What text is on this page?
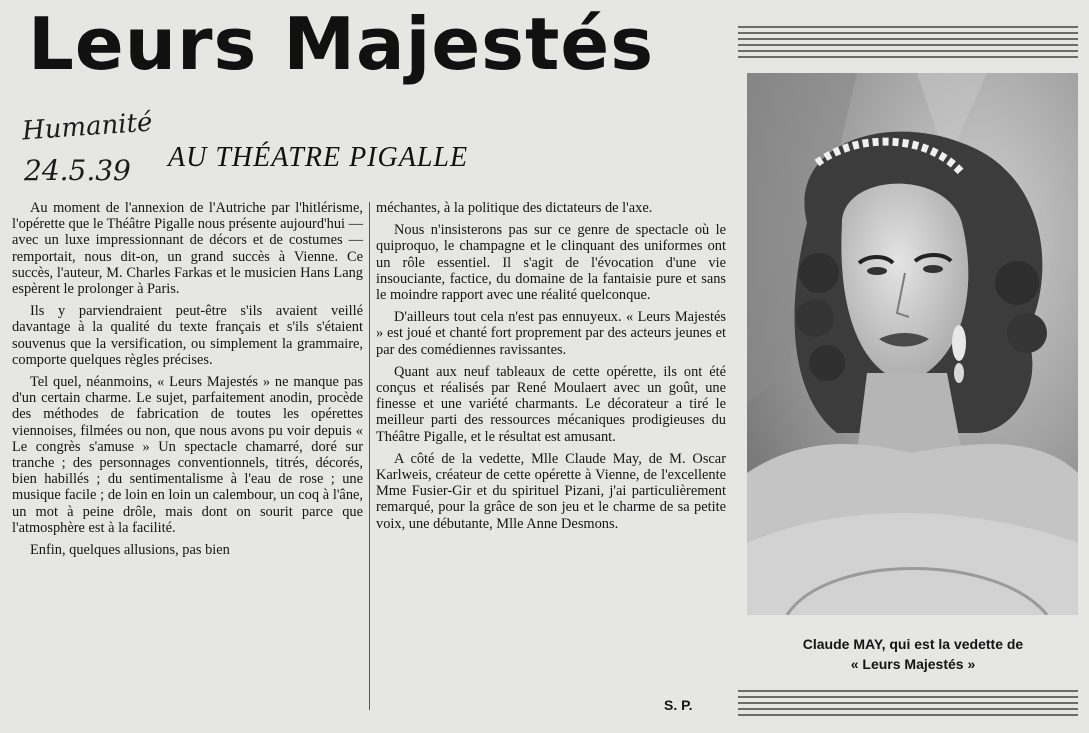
Leurs Majestés
Humanité
24.5.39 AU THÉATRE PIGALLE

Au moment de l'annexion de l'Autriche par l'hitlérisme, l'opérette que le Théâtre Pigalle nous présente aujourd'hui — avec un luxe impressionnant de décors et de costumes — remportait, nous dit-on, un grand succès à Vienne. Ce succès, l'auteur, M. Charles Farkas et le musicien Hans Lang espèrent le prolonger à Paris.

Ils y parviendraient peut-être s'ils avaient veillé davantage à la qualité du texte français et s'ils s'étaient souvenus que la versification, ou simplement la grammaire, comporte quelques règles précises.

Tel quel, néanmoins, « Leurs Majestés » ne manque pas d'un certain charme. Le sujet, parfaitement anodin, procède des méthodes de fabrication de toutes les opérettes viennoises, filmées ou non, que nous avons pu voir depuis « Le congrès s'amuse » Un spectacle chamarré, doré sur tranche ; des personnages conventionnels, titrés, décorés, bien habillés ; du sentimentalisme à l'eau de rose ; une musique facile ; de loin en loin un calembour, un coq à l'âne, un mot à peine drôle, mais dont on sourit parce que l'atmosphère est à la facilité.

Enfin, quelques allusions, pas bien

méchantes, à la politique des dictateurs de l'axe.

Nous n'insisterons pas sur ce genre de spectacle où le quiproquo, le champagne et le clinquant des uniformes ont un rôle essentiel. Il s'agit de l'évocation d'une vie insouciante, factice, du domaine de la fantaisie pure et sans le moindre rapport avec une réalité quelconque.

D'ailleurs tout cela n'est pas ennuyeux. « Leurs Majestés » est joué et chanté fort proprement par des acteurs jeunes et par des comédiennes ravissantes.

Quant aux neuf tableaux de cette opérette, ils ont été conçus et réalisés par René Moulaert avec un goût, une finesse et une variété charmants. Le décorateur a tiré le meilleur parti des ressources mécaniques prodigieuses du Théâtre Pigalle, et le résultat est amusant.

A côté de la vedette, Mlle Claude May, de M. Oscar Karlweis, créateur de cette opérette à Vienne, de l'excellente Mme Fusier-Gir et du spirituel Pizani, j'ai particulièrement remarqué, pour la grâce de son jeu et le charme de sa petite voix, une débutante, Mlle Anne Desmons.

S. P.
Claude MAY, qui est la vedette de
« Leurs Majestés »
